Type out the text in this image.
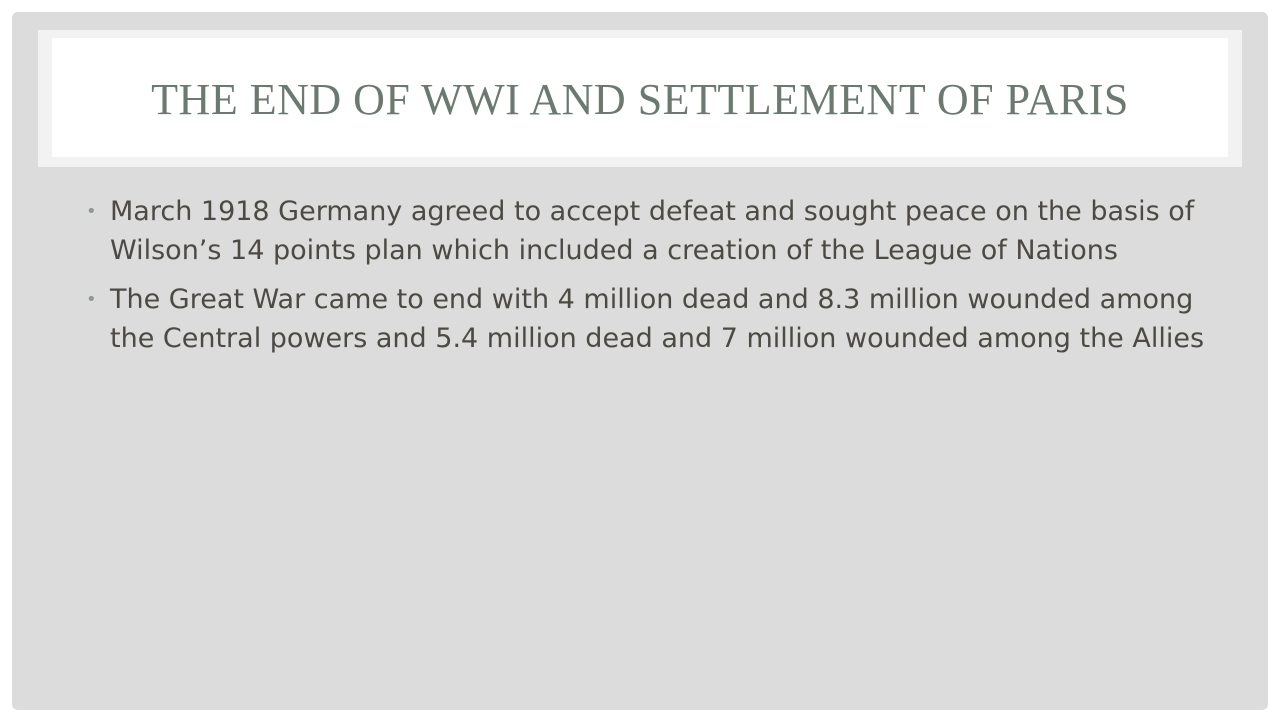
THE END OF WWI AND SETTLEMENT OF PARIS
• March 1918 Germany agreed to accept defeat and sought peace on the basis of Wilson’s 14 points plan which included a creation of the League of Nations
• The Great War came to end with 4 million dead and 8.3 million wounded among the Central powers and 5.4 million dead and 7 million wounded among the Allies
